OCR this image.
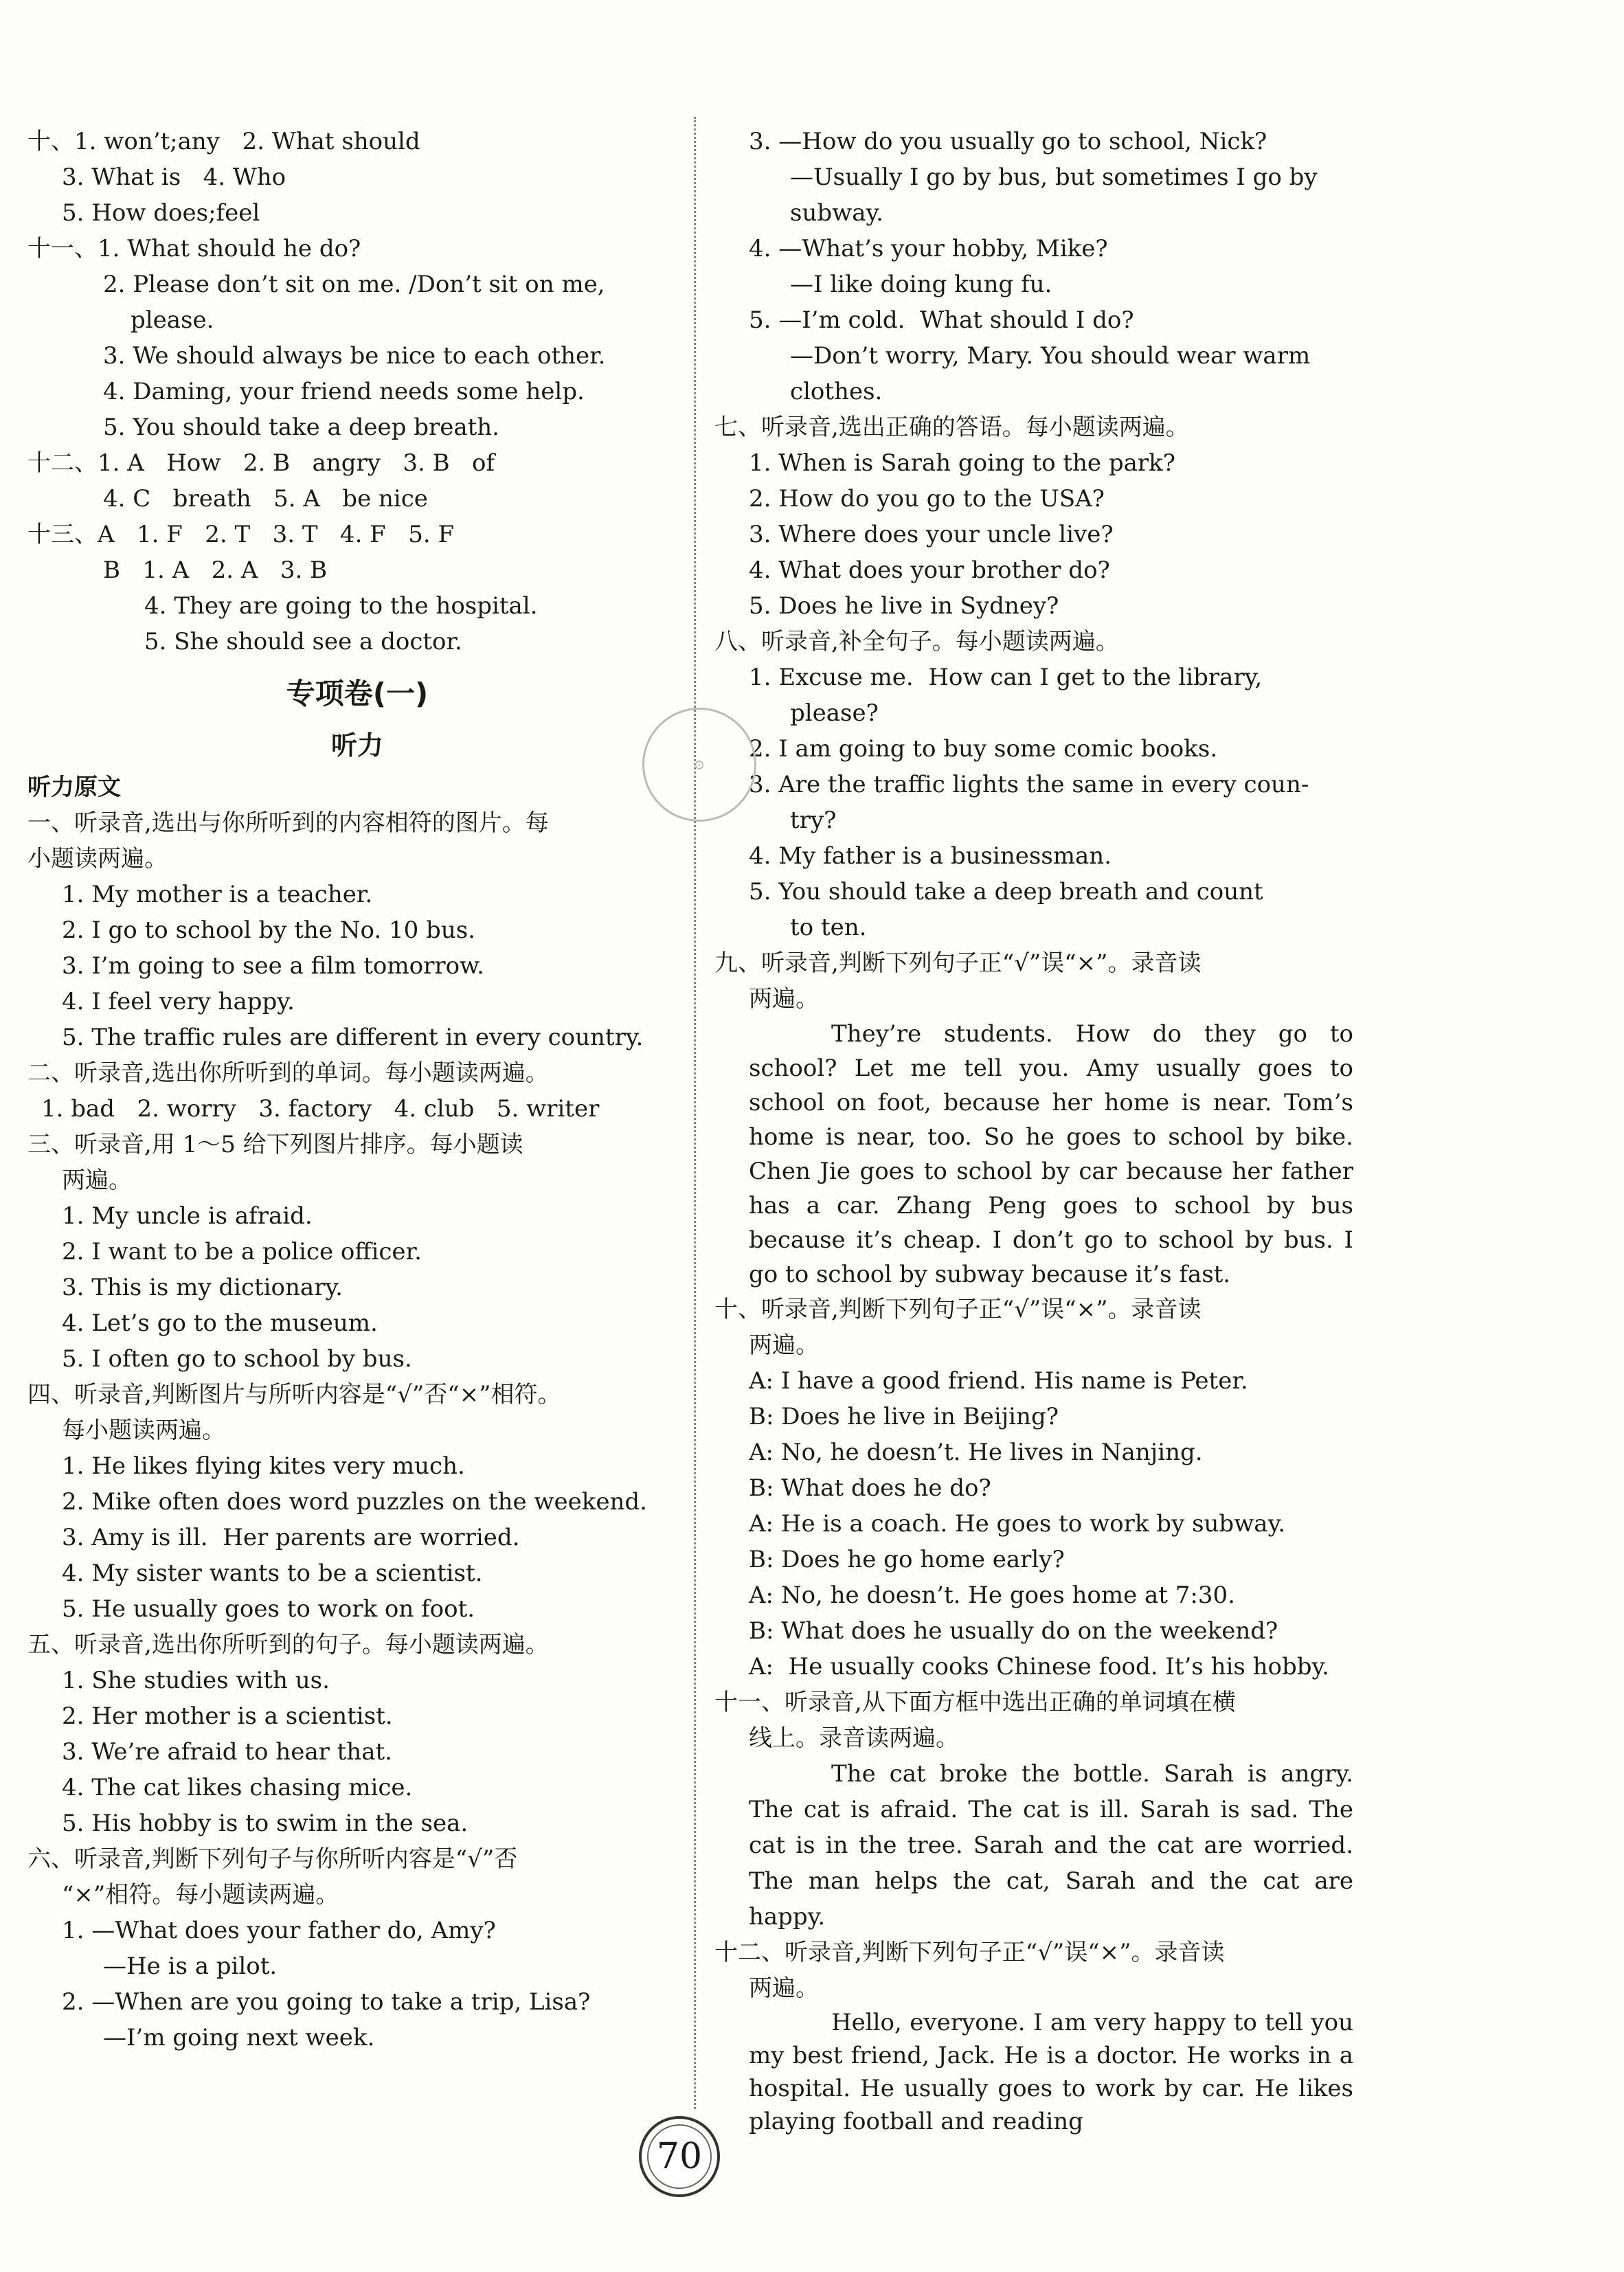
十、1. won’t;any   2. What should
3. What is   4. Who
5. How does;feel
十一、1. What should he do?
2. Please don’t sit on me. /Don’t sit on me,
please.
3. We should always be nice to each other.
4. Daming, your friend needs some help.
5. You should take a deep breath.
十二、1. A   How   2. B   angry   3. B   of
4. C   breath   5. A   be nice
十三、A   1. F   2. T   3. T   4. F   5. F
B   1. A   2. A   3. B
4. They are going to the hospital.
5. She should see a doctor.
专项卷(一)
听力
听力原文
一、听录音,选出与你所听到的内容相符的图片。每
小题读两遍。
1. My mother is a teacher.
2. I go to school by the No. 10 bus.
3. I’m going to see a film tomorrow.
4. I feel very happy.
5. The traffic rules are different in every country.
二、听录音,选出你所听到的单词。每小题读两遍。
1. bad   2. worry   3. factory   4. club   5. writer
三、听录音,用 1～5 给下列图片排序。每小题读
两遍。
1. My uncle is afraid.
2. I want to be a police officer.
3. This is my dictionary.
4. Let’s go to the museum.
5. I often go to school by bus.
四、听录音,判断图片与所听内容是“√”否“×”相符。
每小题读两遍。
1. He likes flying kites very much.
2. Mike often does word puzzles on the weekend.
3. Amy is ill.  Her parents are worried.
4. My sister wants to be a scientist.
5. He usually goes to work on foot.
五、听录音,选出你所听到的句子。每小题读两遍。
1. She studies with us.
2. Her mother is a scientist.
3. We’re afraid to hear that.
4. The cat likes chasing mice.
5. His hobby is to swim in the sea.
六、听录音,判断下列句子与你所听内容是“√”否
“×”相符。每小题读两遍。
1. —What does your father do, Amy?
—He is a pilot.
2. —When are you going to take a trip, Lisa?
—I’m going next week.
3. —How do you usually go to school, Nick?
—Usually I go by bus, but sometimes I go by
subway.
4. —What’s your hobby, Mike?
—I like doing kung fu.
5. —I’m cold.  What should I do?
—Don’t worry, Mary. You should wear warm
clothes.
七、听录音,选出正确的答语。每小题读两遍。
1. When is Sarah going to the park?
2. How do you go to the USA?
3. Where does your uncle live?
4. What does your brother do?
5. Does he live in Sydney?
八、听录音,补全句子。每小题读两遍。
1. Excuse me.  How can I get to the library,
please?
2. I am going to buy some comic books.
3. Are the traffic lights the same in every coun-
try?
4. My father is a businessman.
5. You should take a deep breath and count
to ten.
九、听录音,判断下列句子正“√”误“×”。录音读
两遍。
They’re students. How do they go to school? Let me tell you. Amy usually goes to school on foot, because her home is near. Tom’s home is near, too. So he goes to school by bike. Chen Jie goes to school by car because her father has a car. Zhang Peng goes to school by bus because it’s cheap. I don’t go to school by bus. I go to school by subway because it’s fast.
十、听录音,判断下列句子正“√”误“×”。录音读
两遍。
A: I have a good friend. His name is Peter.
B: Does he live in Beijing?
A: No, he doesn’t. He lives in Nanjing.
B: What does he do?
A: He is a coach. He goes to work by subway.
B: Does he go home early?
A: No, he doesn’t. He goes home at 7:30.
B: What does he usually do on the weekend?
A:  He usually cooks Chinese food. It’s his hobby.
十一、听录音,从下面方框中选出正确的单词填在横
线上。录音读两遍。
The cat broke the bottle. Sarah is angry. The cat is afraid. The cat is ill. Sarah is sad. The cat is in the tree. Sarah and the cat are worried. The man helps the cat, Sarah and the cat are happy.
十二、听录音,判断下列句子正“√”误“×”。录音读
两遍。
Hello, everyone. I am very happy to tell you my best friend, Jack. He is a doctor. He works in a hospital. He usually goes to work by car. He likes playing football and reading
⊙
70
